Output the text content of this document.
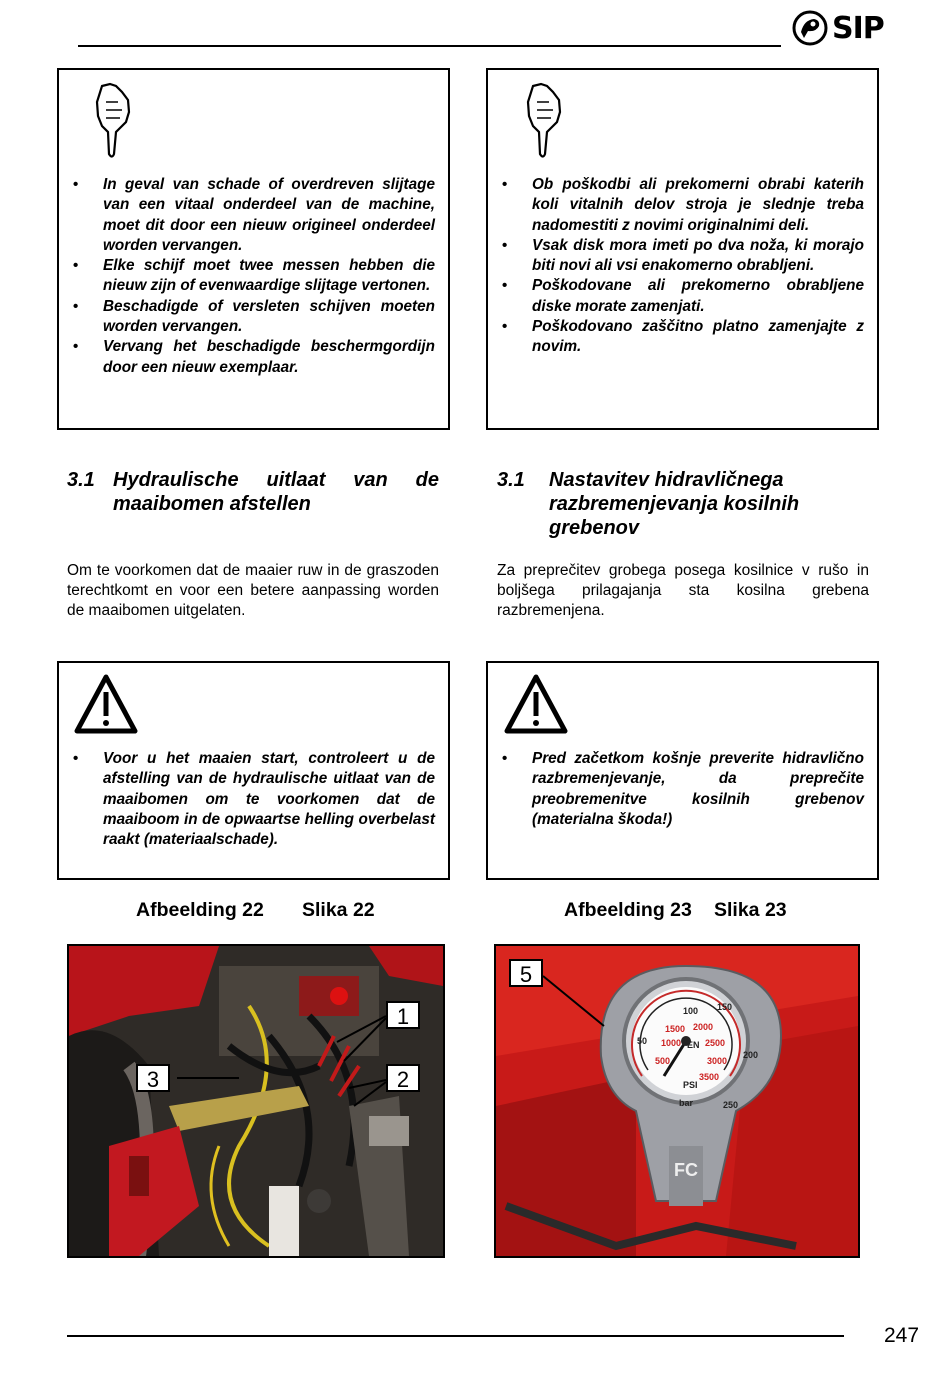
SIP
• In geval van schade of overdreven slijtage van een vitaal onderdeel van de machine, moet dit door een nieuw origineel onderdeel worden vervangen.
• Elke schijf moet twee messen hebben die nieuw zijn of evenwaardige slijtage vertonen.
• Beschadigde of versleten schijven moeten worden vervangen.
• Vervang het beschadigde beschermgordijn door een nieuw exemplaar.
• Ob poškodbi ali prekomerni obrabi katerih koli vitalnih delov stroja je slednje treba nadomestiti z novimi originalnimi deli.
• Vsak disk mora imeti po dva noža, ki morajo biti novi ali vsi enakomerno obrabljeni.
• Poškodovane ali prekomerno obrabljene diske morate zamenjati.
• Poškodovano zaščitno platno zamenjajte z novim.
3.1 Hydraulische uitlaat van de
maaibomen afstellen
Om te voorkomen dat de maaier ruw in de graszoden terechtkomt en voor een betere aanpassing worden de maaibomen uitgelaten.
3.1 Nastavitev hidravličnega
razbremenjevanja kosilnih
grebenov
Za preprečitev grobega posega kosilnice v rušo in boljšega prilagajanja sta kosilna grebena razbremenjena.
• Voor u het maaien start, controleert u de afstelling van de hydraulische uitlaat van de maaibomen om te voorkomen dat de maaiboom in de opwaartse helling overbelast raakt (materiaalschade).
• Pred začetkom košnje preverite hidravlično razbremenjevanje, da preprečite preobremenitve kosilnih grebenov (materialna škoda!)
Afbeelding 22 Slika 22	Afbeelding 23 Slika 23
1
2
3
1500 2000
2500
3000
3500
1000
500
bar
EN
150
200
250
100
50
PSI
FC
5
247
